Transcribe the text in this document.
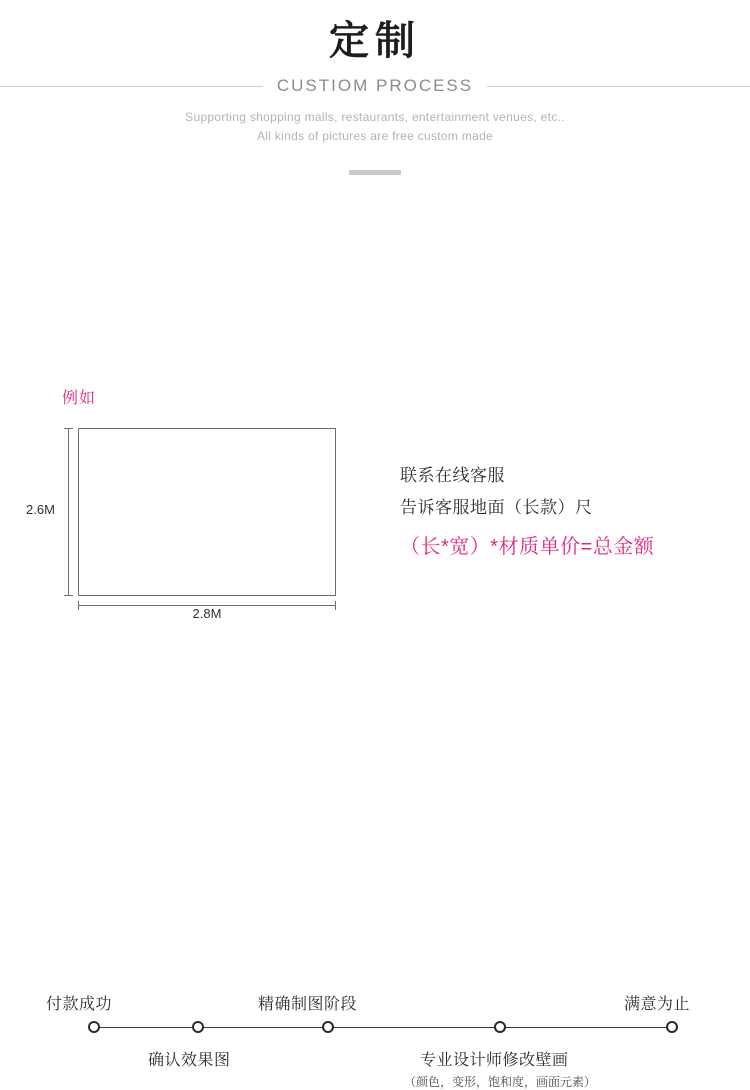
定制
CUSTIOM PROCESS
Supporting shopping malls, restaurants, entertainment venues, etc..
All kinds of pictures are free custom made
例如
2.6M
2.8M
联系在线客服
告诉客服地面（长款）尺
（长*宽）*材质单价=总金额
付款成功
确认效果图
精确制图阶段
专业设计师修改壁画
（颜色，变形，饱和度，画面元素）
满意为止
